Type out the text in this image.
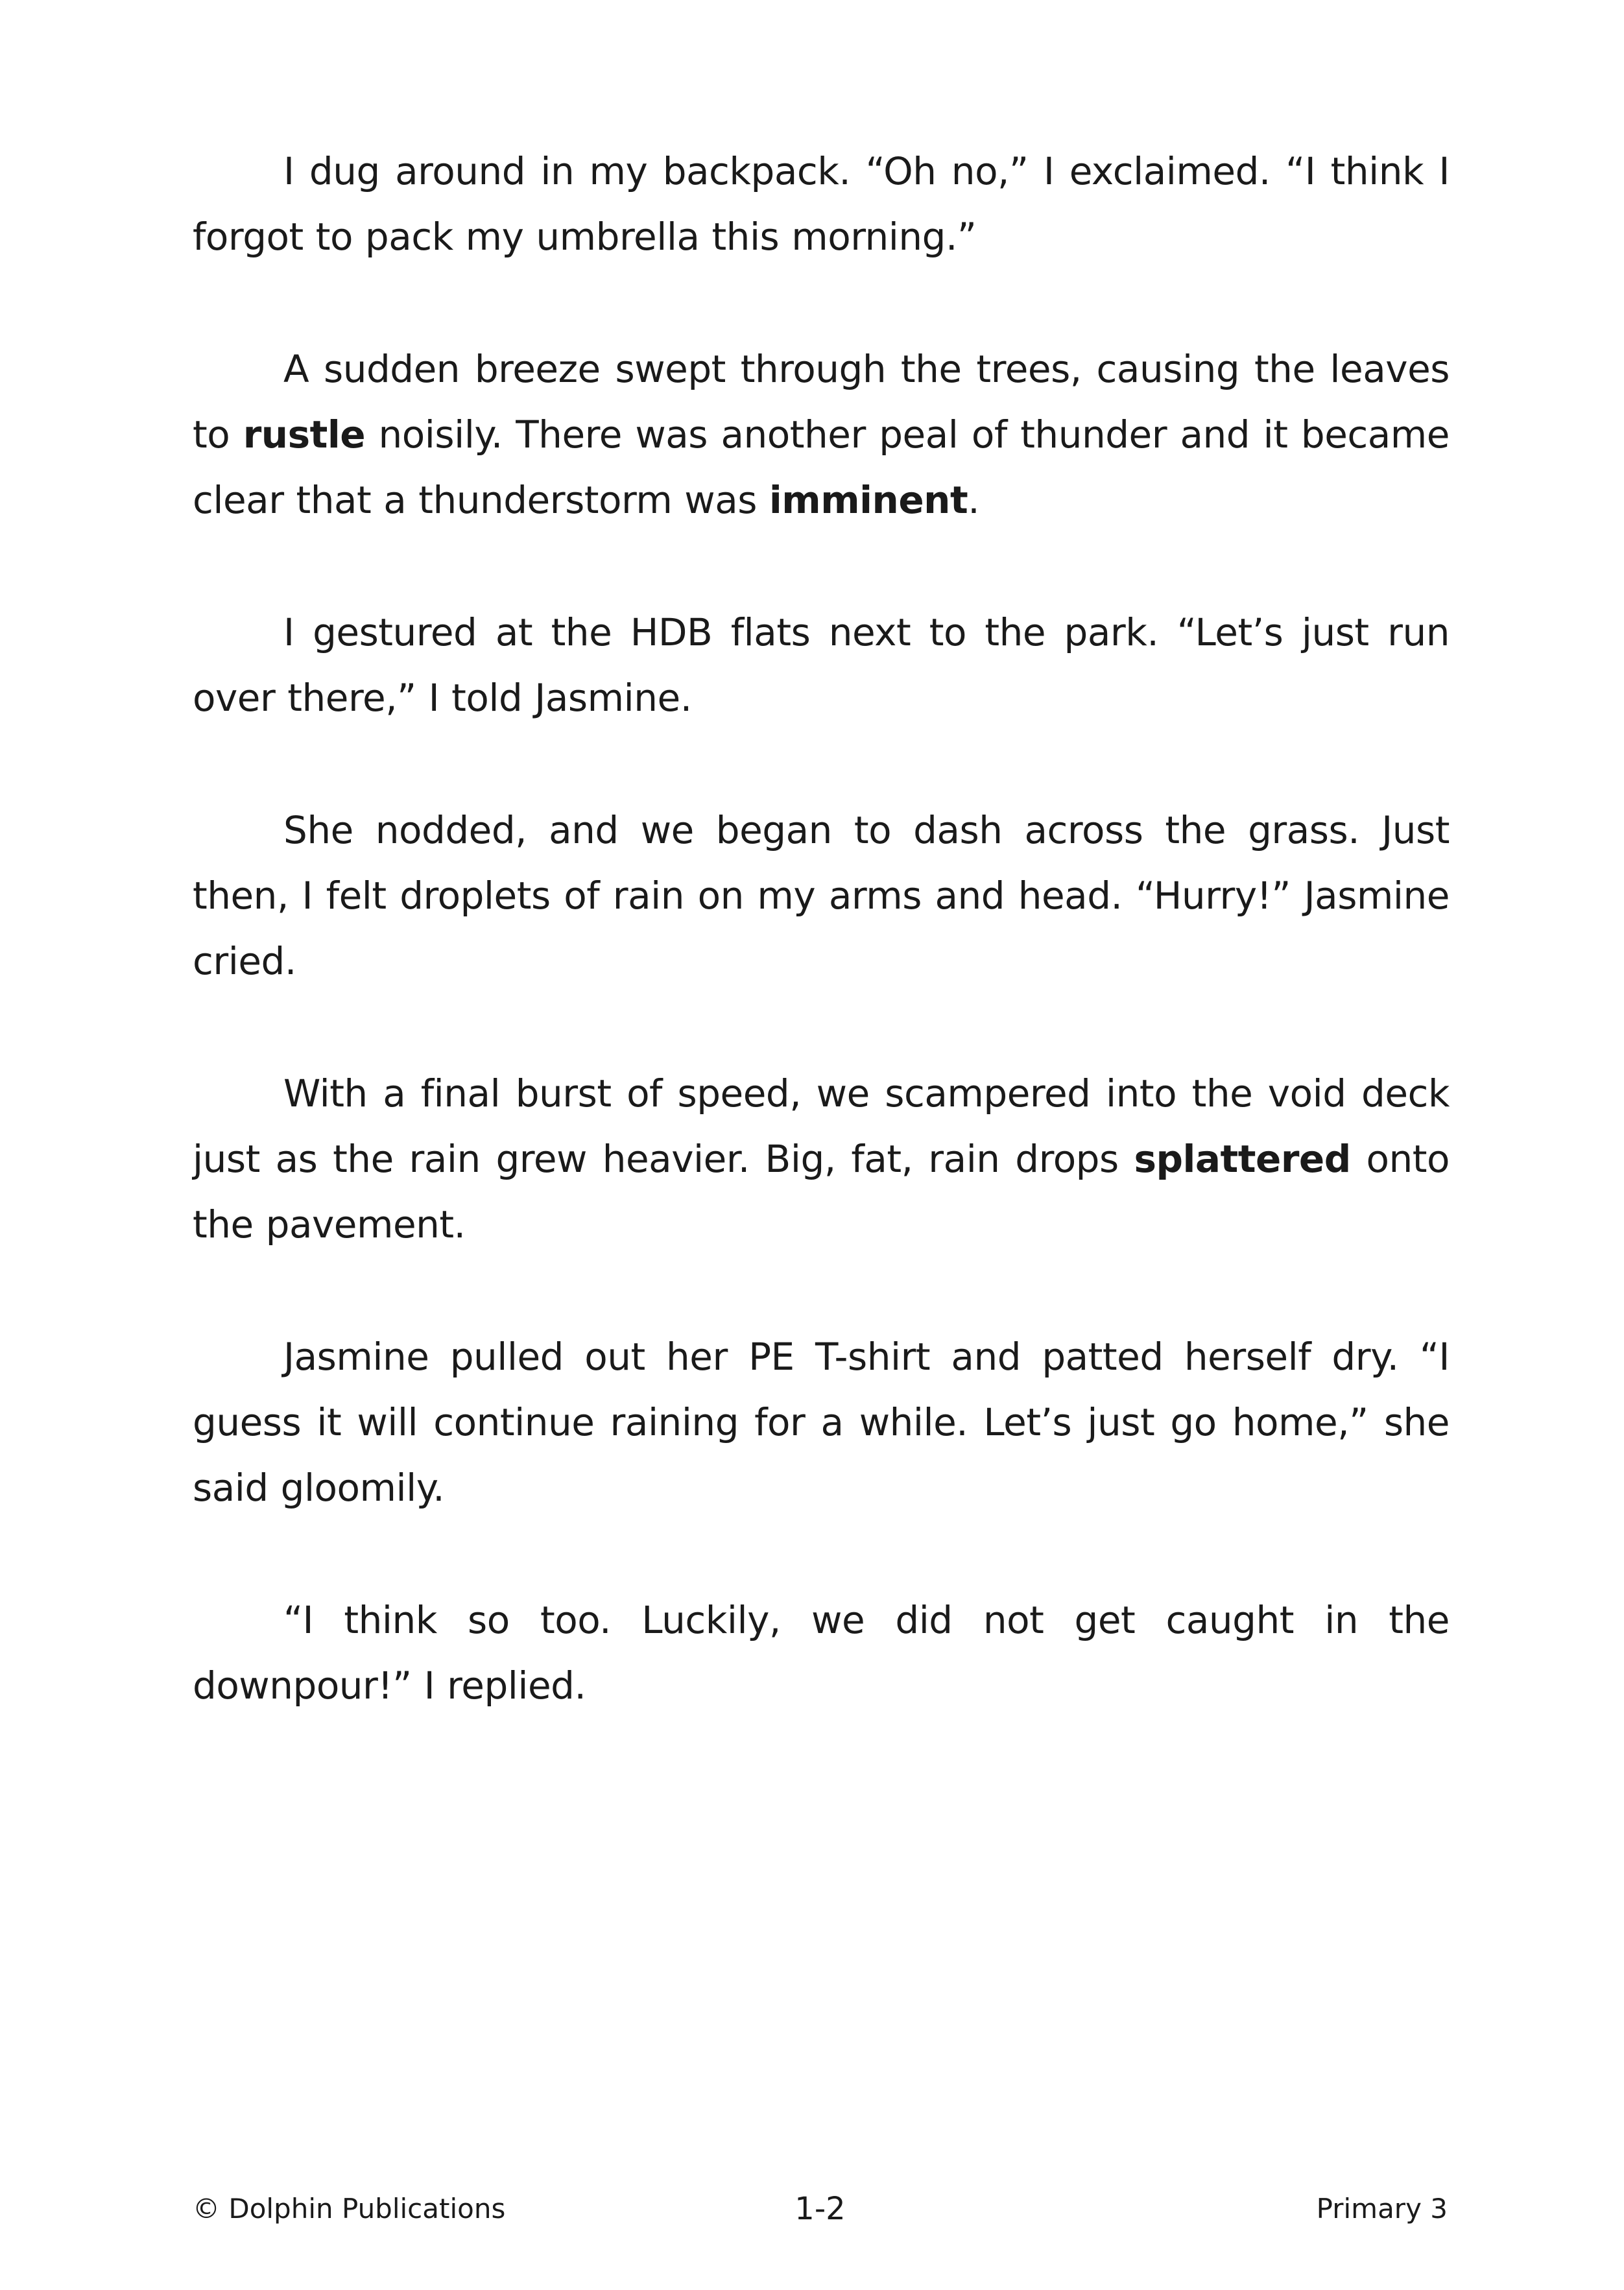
I dug around in my backpack. “Oh no,” I exclaimed. “I think I forgot to pack my umbrella this morning.”

A sudden breeze swept through the trees, causing the leaves to rustle noisily. There was another peal of thunder and it became clear that a thunderstorm was imminent.

I gestured at the HDB flats next to the park. “Let’s just run over there,” I told Jasmine.

She nodded, and we began to dash across the grass. Just then, I felt droplets of rain on my arms and head. “Hurry!” Jasmine cried.

With a final burst of speed, we scampered into the void deck just as the rain grew heavier. Big, fat, rain drops splattered onto the pavement.

Jasmine pulled out her PE T-shirt and patted herself dry. “I guess it will continue raining for a while. Let’s just go home,” she said gloomily.

“I think so too. Luckily, we did not get caught in the downpour!” I replied.

© Dolphin Publications	1-2	Primary 3
